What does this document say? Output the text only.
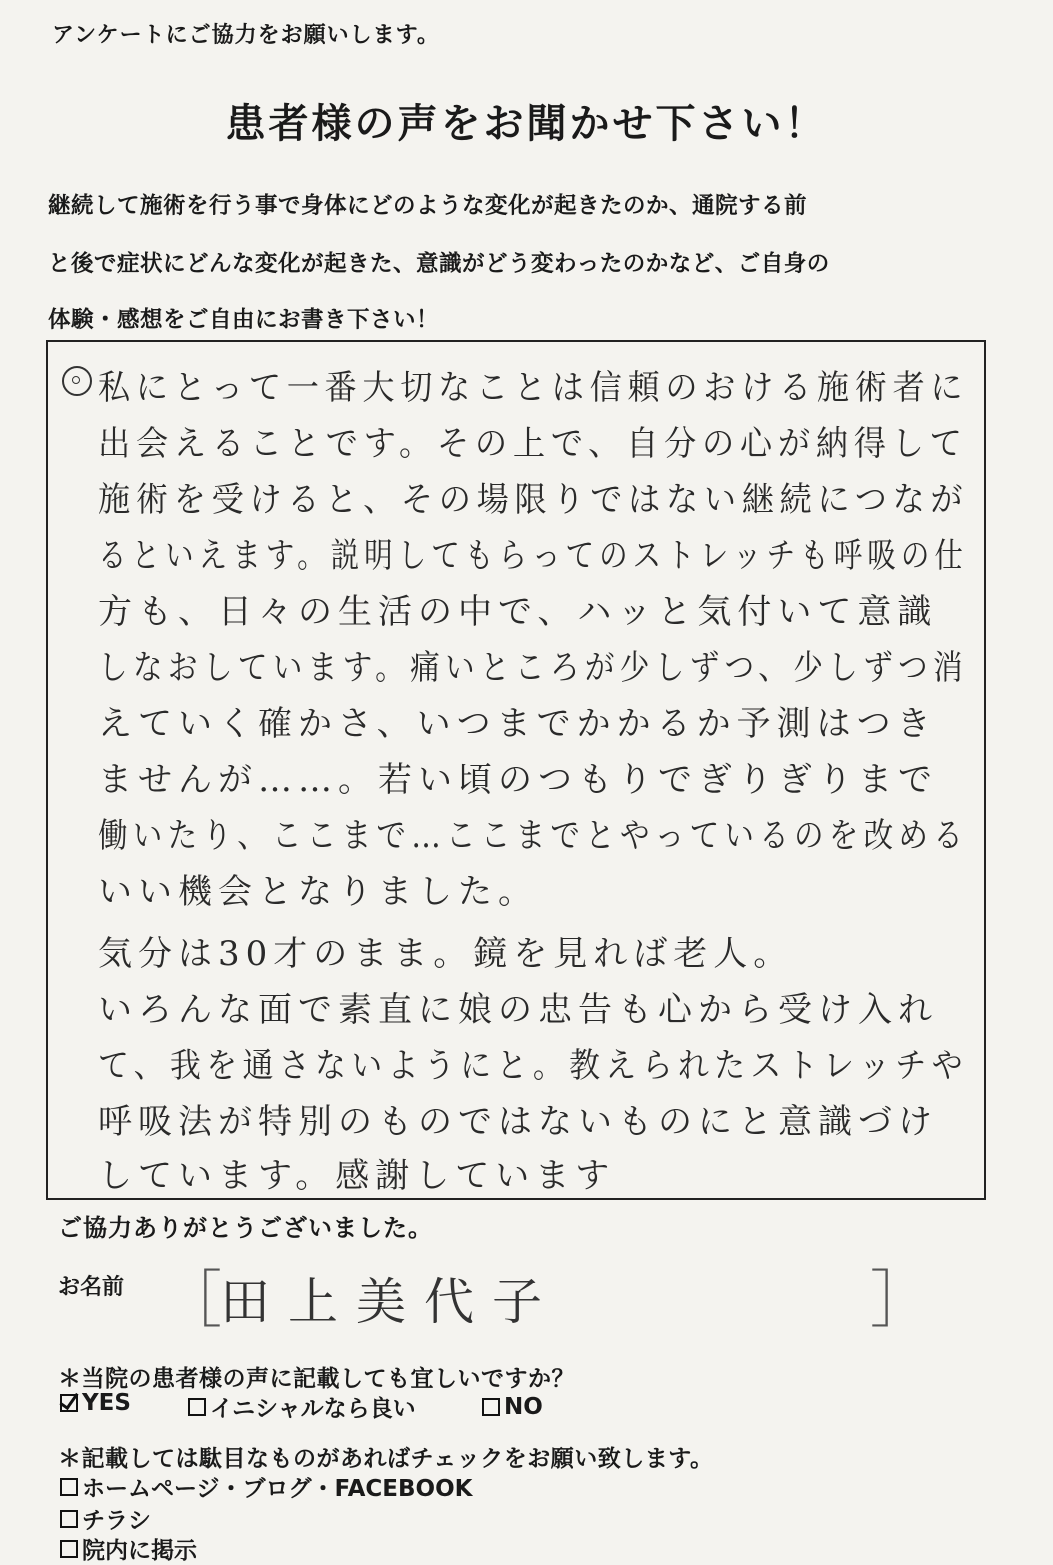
アンケートにご協力をお願いします。
患者様の声をお聞かせ下さい！
継続して施術を行う事で身体にどのような変化が起きたのか、通院する前
と後で症状にどんな変化が起きた、意識がどう変わったのかなど、ご自身の
体験・感想をご自由にお書き下さい！
私にとって一番大切なことは信頼のおける施術者に
出会えることです。その上で、自分の心が納得して
施術を受けると、その場限りではない継続につなが
るといえます。説明してもらってのストレッチも呼吸の仕
方も、日々の生活の中で、ハッと気付いて意識
しなおしています。痛いところが少しずつ、少しずつ消
えていく確かさ、いつまでかかるか予測はつき
ませんが……。若い頃のつもりでぎりぎりまで
働いたり、ここまで…ここまでとやっているのを改める
いい機会となりました。
気分は30才のまま。鏡を見れば老人。
いろんな面で素直に娘の忠告も心から受け入れ
て、我を通さないようにと。教えられたストレッチや
呼吸法が特別のものではないものにと意識づけ
しています。感謝しています
ご協力ありがとうございました。
お名前 ［
田上美代子	］
＊当院の患者様の声に記載しても宜しいですか？
YES	イニシャルなら良い	NO
＊記載しては駄目なものがあればチェックをお願い致します。
ホームページ・ブログ・FACEBOOK
チラシ
院内に掲示
